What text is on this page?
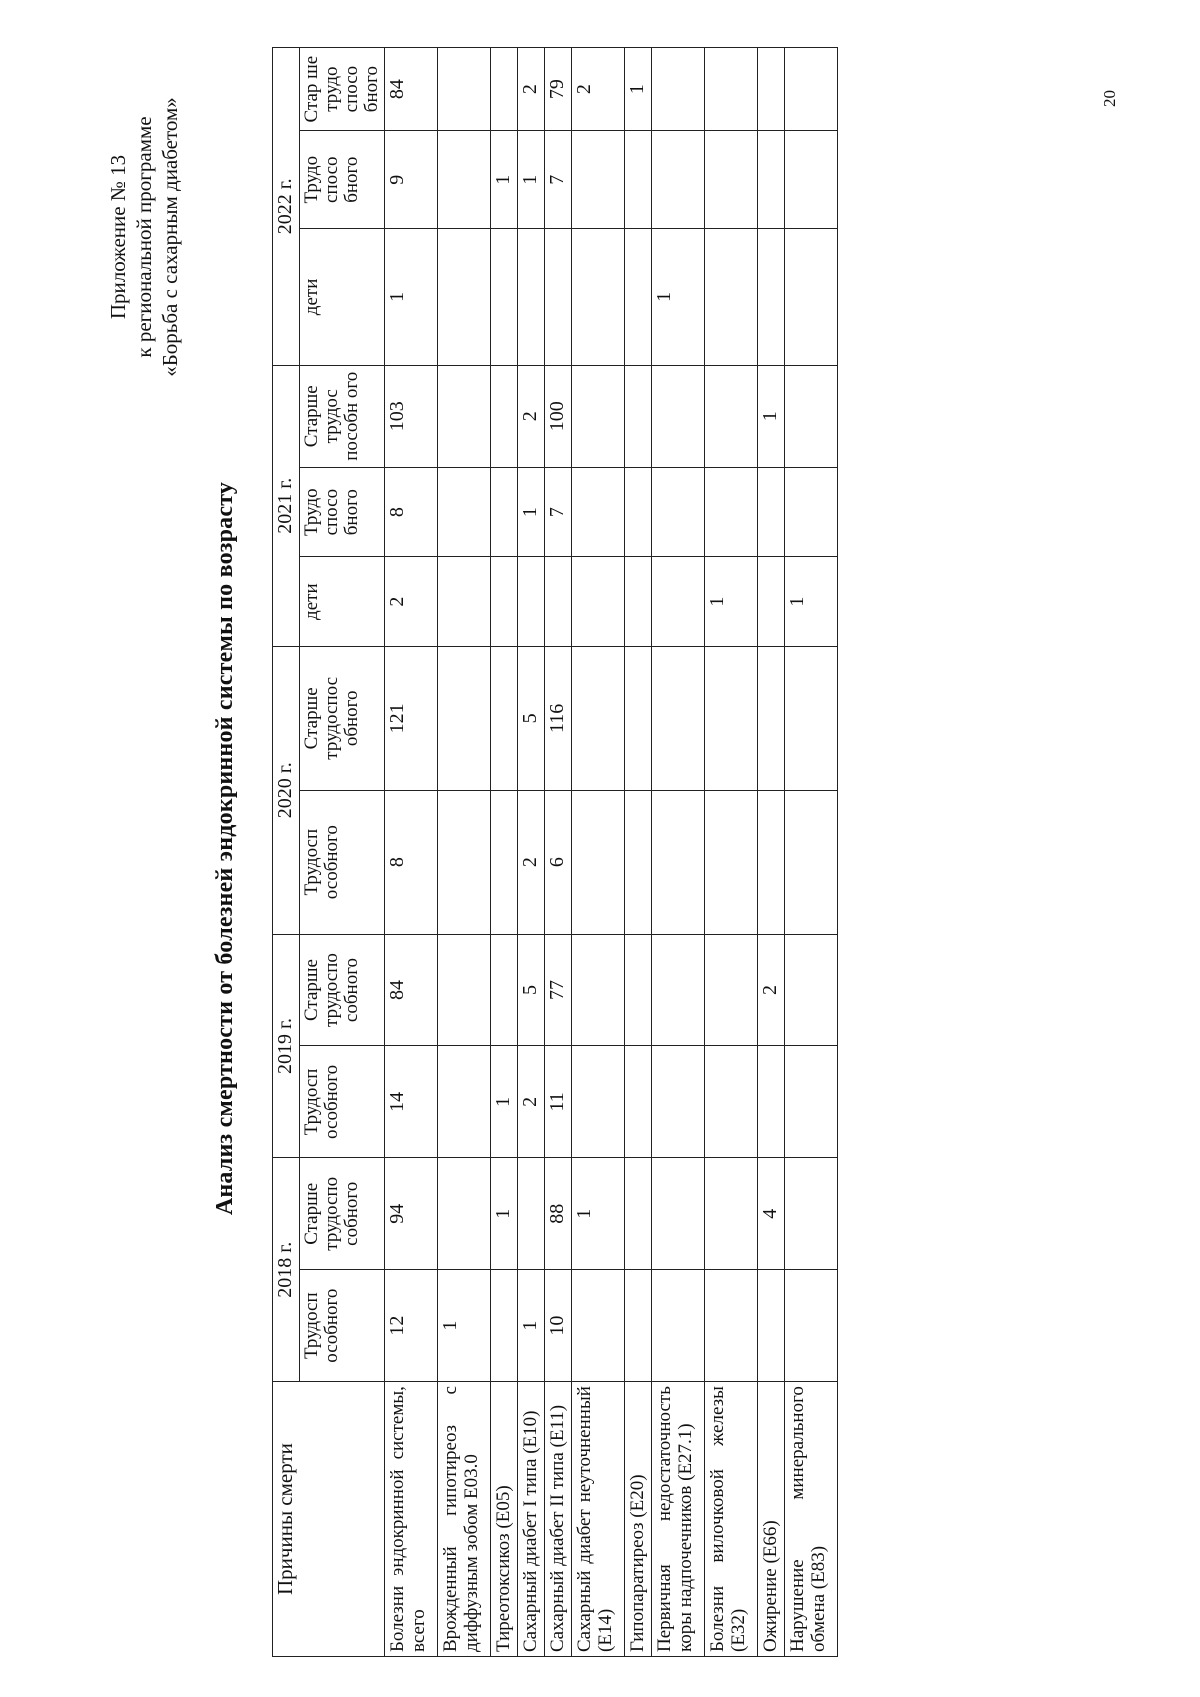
20
Приложение № 13 к региональной программе «Борьба с сахарным диабетом»
Анализ смертности от болезней эндокринной системы по возрасту
Причины смерти	2018 г.		2019 г.		2020 г.		2021 г.			2022 г.		
	Трудосп особного	Старше трудоспо собного	Трудосп особного	Старше трудоспо собного	Трудосп особного	Старше трудоспос обного	дети	Трудо спосо бного	Старше трудос пособн ого	дети	Трудо спосо бного	Стар ше трудо спосо бного
Болезни эндокринной системы, всего	12	94	14	84	8	121	2	8	103	1	9	84
Врожденный гипотиреоз с диффузным зобом Е03.0	1											
Тиреотоксикоз (Е05)		1	1								1	
Сахарный диабет I типа (Е10)	1		2	5	2	5		1	2		1	2
Сахарный диабет II типа (Е11)	10	88	11	77	6	116		7	100		7	79
Сахарный диабет неуточненный (Е14)		1										2
Гипопаратиреоз (Е20)												1
Первичная недостаточность коры надпочечников (Е27.1)										1		
Болезни вилочковой железы (Е32)							1					
Ожирение (Е66)		4		2					1			
Нарушение минерального обмена (Е83)							1					
